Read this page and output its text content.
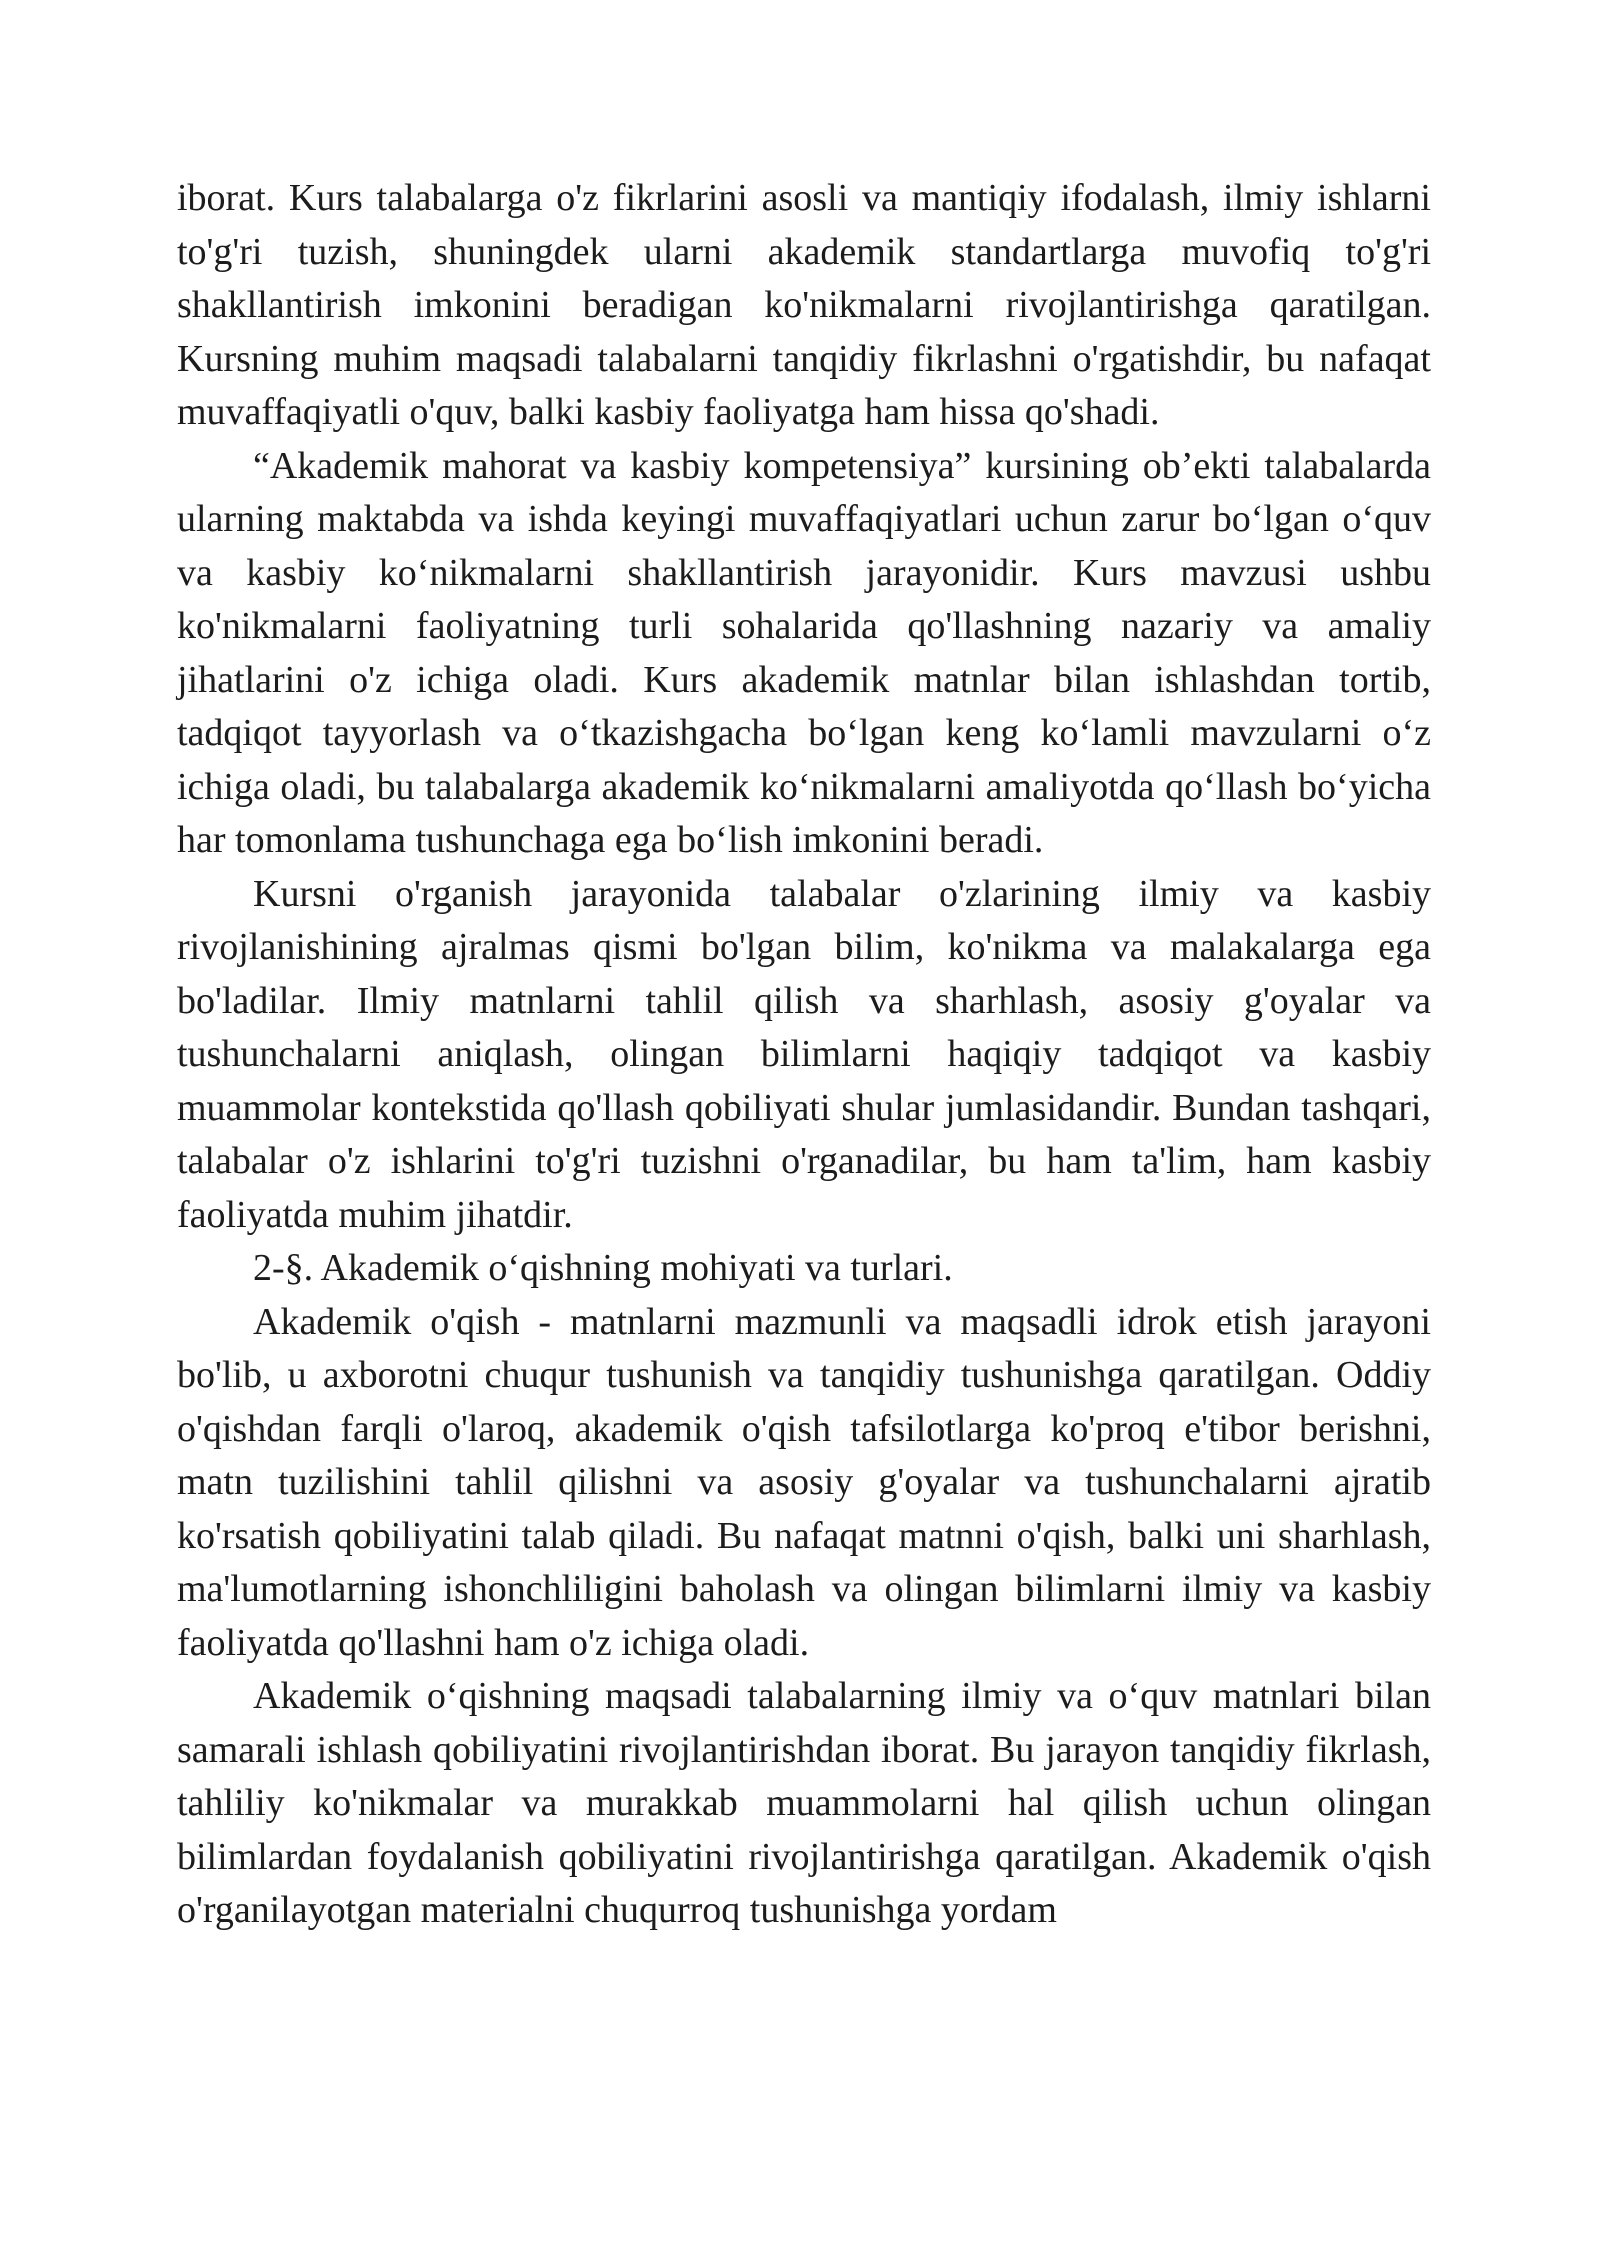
iborat. Kurs talabalarga o'z fikrlarini asosli va mantiqiy ifodalash, ilmiy ishlarni to'g'ri tuzish, shuningdek ularni akademik standartlarga muvofiq to'g'ri shakllantirish imkonini beradigan ko'nikmalarni rivojlantirishga qaratilgan. Kursning muhim maqsadi talabalarni tanqidiy fikrlashni o'rgatishdir, bu nafaqat muvaffaqiyatli o'quv, balki kasbiy faoliyatga ham hissa qo'shadi.

“Akademik mahorat va kasbiy kompetensiya” kursining ob’ekti talabalarda ularning maktabda va ishda keyingi muvaffaqiyatlari uchun zarur bo‘lgan o‘quv va kasbiy ko‘nikmalarni shakllantirish jarayonidir. Kurs mavzusi ushbu ko'nikmalarni faoliyatning turli sohalarida qo'llashning nazariy va amaliy jihatlarini o'z ichiga oladi. Kurs akademik matnlar bilan ishlashdan tortib, tadqiqot tayyorlash va o‘tkazishgacha bo‘lgan keng ko‘lamli mavzularni o‘z ichiga oladi, bu talabalarga akademik ko‘nikmalarni amaliyotda qo‘llash bo‘yicha har tomonlama tushunchaga ega bo‘lish imkonini beradi.

Kursni o'rganish jarayonida talabalar o'zlarining ilmiy va kasbiy rivojlanishining ajralmas qismi bo'lgan bilim, ko'nikma va malakalarga ega bo'ladilar. Ilmiy matnlarni tahlil qilish va sharhlash, asosiy g'oyalar va tushunchalarni aniqlash, olingan bilimlarni haqiqiy tadqiqot va kasbiy muammolar kontekstida qo'llash qobiliyati shular jumlasidandir. Bundan tashqari, talabalar o'z ishlarini to'g'ri tuzishni o'rganadilar, bu ham ta'lim, ham kasbiy faoliyatda muhim jihatdir.

2-§. Akademik o‘qishning mohiyati va turlari.

Akademik o'qish - matnlarni mazmunli va maqsadli idrok etish jarayoni bo'lib, u axborotni chuqur tushunish va tanqidiy tushunishga qaratilgan. Oddiy o'qishdan farqli o'laroq, akademik o'qish tafsilotlarga ko'proq e'tibor berishni, matn tuzilishini tahlil qilishni va asosiy g'oyalar va tushunchalarni ajratib ko'rsatish qobiliyatini talab qiladi. Bu nafaqat matnni o'qish, balki uni sharhlash, ma'lumotlarning ishonchliligini baholash va olingan bilimlarni ilmiy va kasbiy faoliyatda qo'llashni ham o'z ichiga oladi.

Akademik o‘qishning maqsadi talabalarning ilmiy va o‘quv matnlari bilan samarali ishlash qobiliyatini rivojlantirishdan iborat. Bu jarayon tanqidiy fikrlash, tahliliy ko'nikmalar va murakkab muammolarni hal qilish uchun olingan bilimlardan foydalanish qobiliyatini rivojlantirishga qaratilgan. Akademik o'qish o'rganilayotgan materialni chuqurroq tushunishga yordam
